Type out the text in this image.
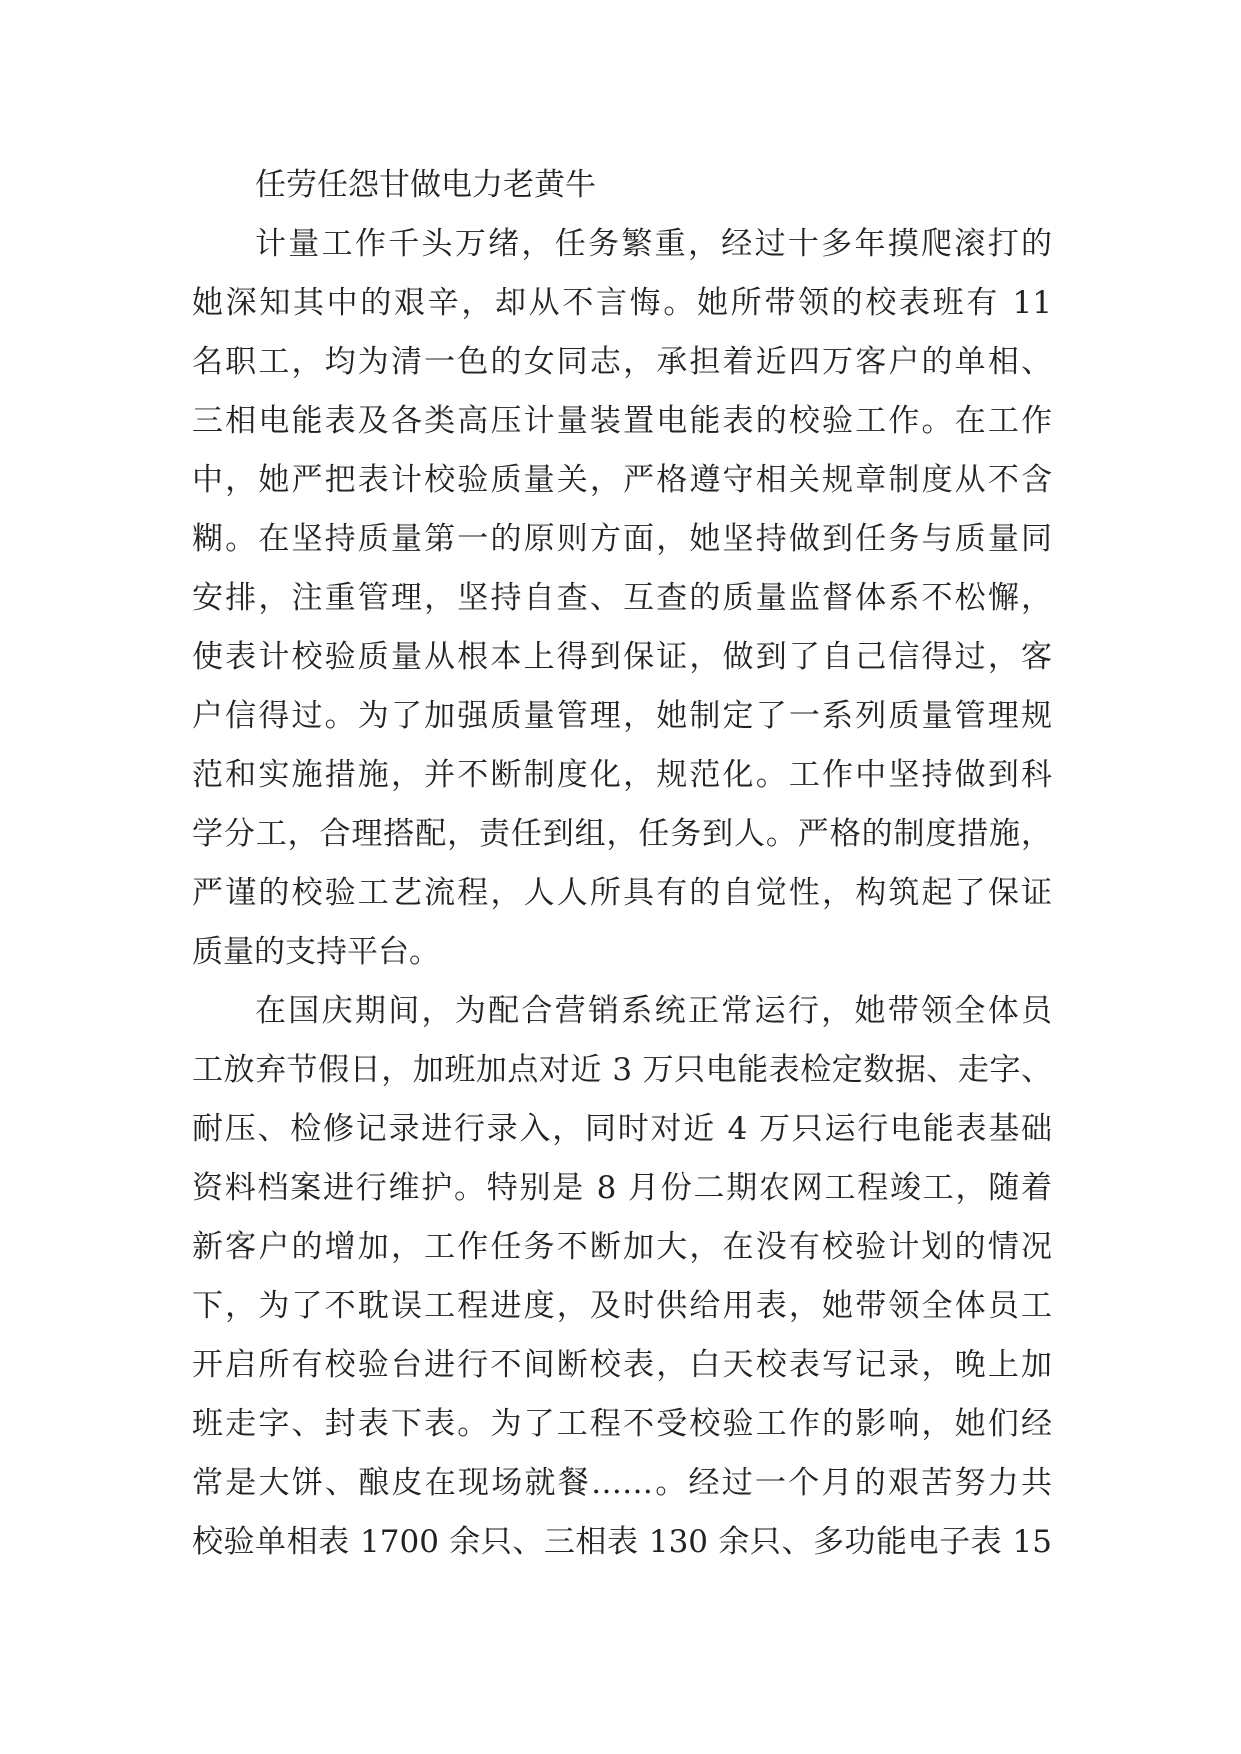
任劳任怨甘做电力老黄牛
计量工作千头万绪，任务繁重，经过十多年摸爬滚打的
她深知其中的艰辛，却从不言悔。她所带领的校表班有 11
名职工，均为清一色的女同志，承担着近四万客户的单相、
三相电能表及各类高压计量装置电能表的校验工作。在工作
中，她严把表计校验质量关，严格遵守相关规章制度从不含
糊。在坚持质量第一的原则方面，她坚持做到任务与质量同
安排，注重管理，坚持自查、互查的质量监督体系不松懈，
使表计校验质量从根本上得到保证，做到了自己信得过，客
户信得过。为了加强质量管理，她制定了一系列质量管理规
范和实施措施，并不断制度化，规范化。工作中坚持做到科
学分工，合理搭配，责任到组，任务到人。严格的制度措施，
严谨的校验工艺流程，人人所具有的自觉性，构筑起了保证
质量的支持平台。
在国庆期间，为配合营销系统正常运行，她带领全体员
工放弃节假日，加班加点对近 3 万只电能表检定数据、走字、
耐压、检修记录进行录入，同时对近 4 万只运行电能表基础
资料档案进行维护。特别是 8 月份二期农网工程竣工，随着
新客户的增加，工作任务不断加大，在没有校验计划的情况
下，为了不耽误工程进度，及时供给用表，她带领全体员工
开启所有校验台进行不间断校表，白天校表写记录，晚上加
班走字、封表下表。为了工程不受校验工作的影响，她们经
常是大饼、酿皮在现场就餐……。经过一个月的艰苦努力共
校验单相表 1700 余只、三相表 130 余只、多功能电子表 15
